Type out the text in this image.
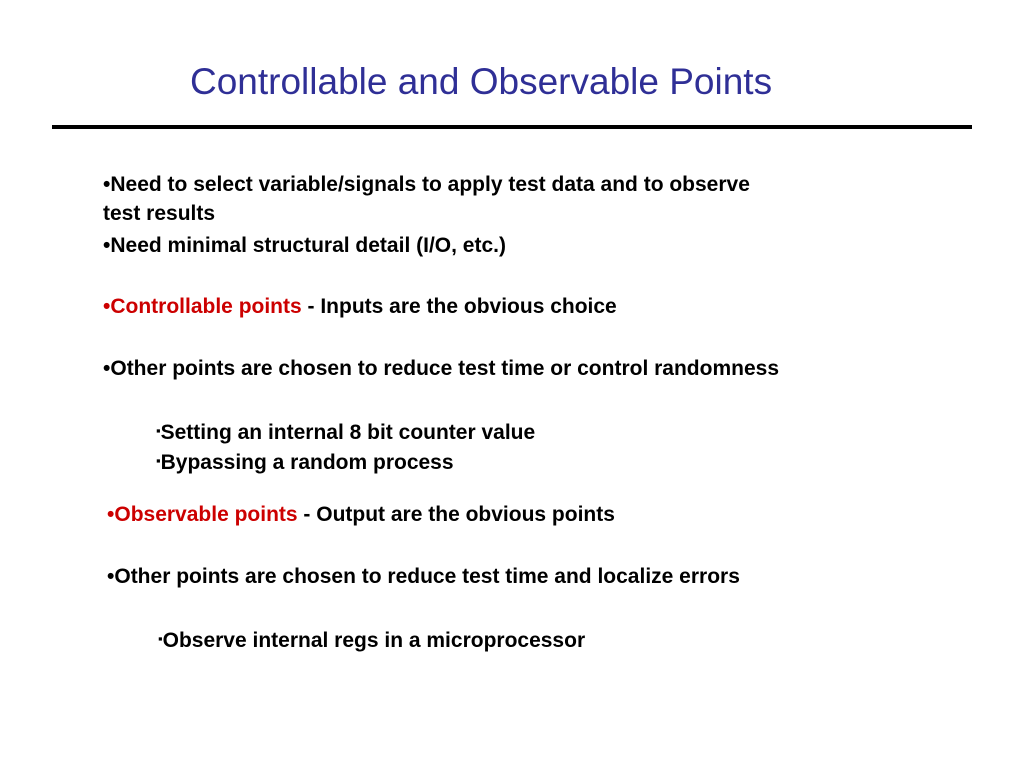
Controllable and Observable Points
•Need to select variable/signals to apply test data and to observe
test results
•Need minimal structural detail (I/O, etc.)
•Controllable points - Inputs are the obvious choice
•Other points are chosen to reduce test time or control randomness
▪Setting an internal 8 bit counter value
▪Bypassing a random process
•Observable points - Output are the obvious points
•Other points are chosen to reduce test time and localize errors
▪Observe internal regs in a microprocessor
